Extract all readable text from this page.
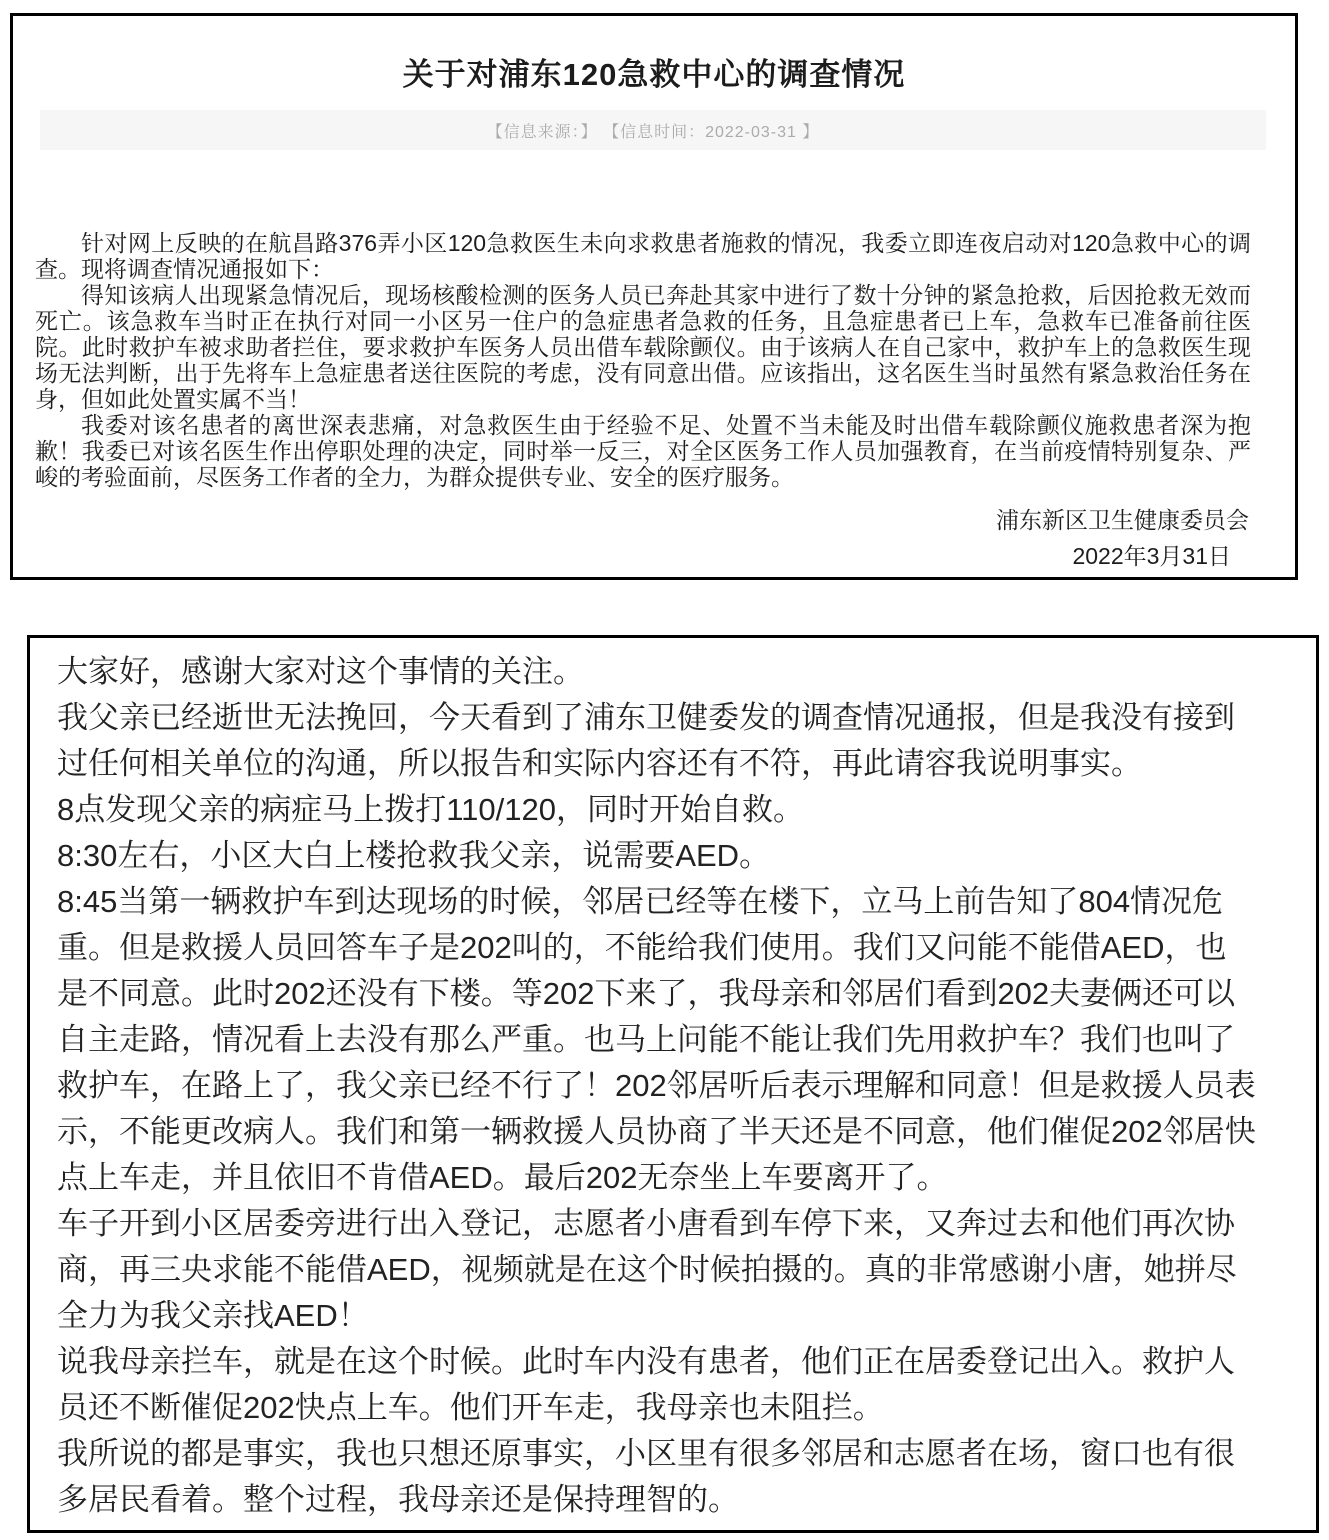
关于对浦东120急救中心的调查情况
【信息来源：】 【信息时间：2022-03-31 】

针对网上反映的在航昌路376弄小区120急救医生未向求救患者施救的情况，我委立即连夜启动对120急救中心的调查。现将调查情况通报如下：

得知该病人出现紧急情况后，现场核酸检测的医务人员已奔赴其家中进行了数十分钟的紧急抢救，后因抢救无效而死亡。该急救车当时正在执行对同一小区另一住户的急症患者急救的任务，且急症患者已上车，急救车已准备前往医院。此时救护车被求助者拦住，要求救护车医务人员出借车载除颤仪。由于该病人在自己家中，救护车上的急救医生现场无法判断，出于先将车上急症患者送往医院的考虑，没有同意出借。应该指出，这名医生当时虽然有紧急救治任务在身，但如此处置实属不当！

我委对该名患者的离世深表悲痛，对急救医生由于经验不足、处置不当未能及时出借车载除颤仪施救患者深为抱歉！我委已对该名医生作出停职处理的决定，同时举一反三，对全区医务工作人员加强教育，在当前疫情特别复杂、严峻的考验面前，尽医务工作者的全力，为群众提供专业、安全的医疗服务。

浦东新区卫生健康委员会
2022年3月31日

大家好，感谢大家对这个事情的关注。

我父亲已经逝世无法挽回，今天看到了浦东卫健委发的调查情况通报，但是我没有接到过任何相关单位的沟通，所以报告和实际内容还有不符，再此请容我说明事实。

8点发现父亲的病症马上拨打110/120，同时开始自救。

8:30左右，小区大白上楼抢救我父亲，说需要AED。

8:45当第一辆救护车到达现场的时候，邻居已经等在楼下，立马上前告知了804情况危重。但是救援人员回答车子是202叫的，不能给我们使用。我们又问能不能借AED，也是不同意。此时202还没有下楼。等202下来了，我母亲和邻居们看到202夫妻俩还可以自主走路，情况看上去没有那么严重。也马上问能不能让我们先用救护车？我们也叫了救护车，在路上了，我父亲已经不行了！202邻居听后表示理解和同意！但是救援人员表示，不能更改病人。我们和第一辆救援人员协商了半天还是不同意，他们催促202邻居快点上车走，并且依旧不肯借AED。最后202无奈坐上车要离开了。

车子开到小区居委旁进行出入登记，志愿者小唐看到车停下来，又奔过去和他们再次协商，再三央求能不能借AED，视频就是在这个时候拍摄的。真的非常感谢小唐，她拼尽全力为我父亲找AED！

说我母亲拦车，就是在这个时候。此时车内没有患者，他们正在居委登记出入。救护人员还不断催促202快点上车。他们开车走，我母亲也未阻拦。

我所说的都是事实，我也只想还原事实，小区里有很多邻居和志愿者在场，窗口也有很多居民看着。整个过程，我母亲还是保持理智的。
